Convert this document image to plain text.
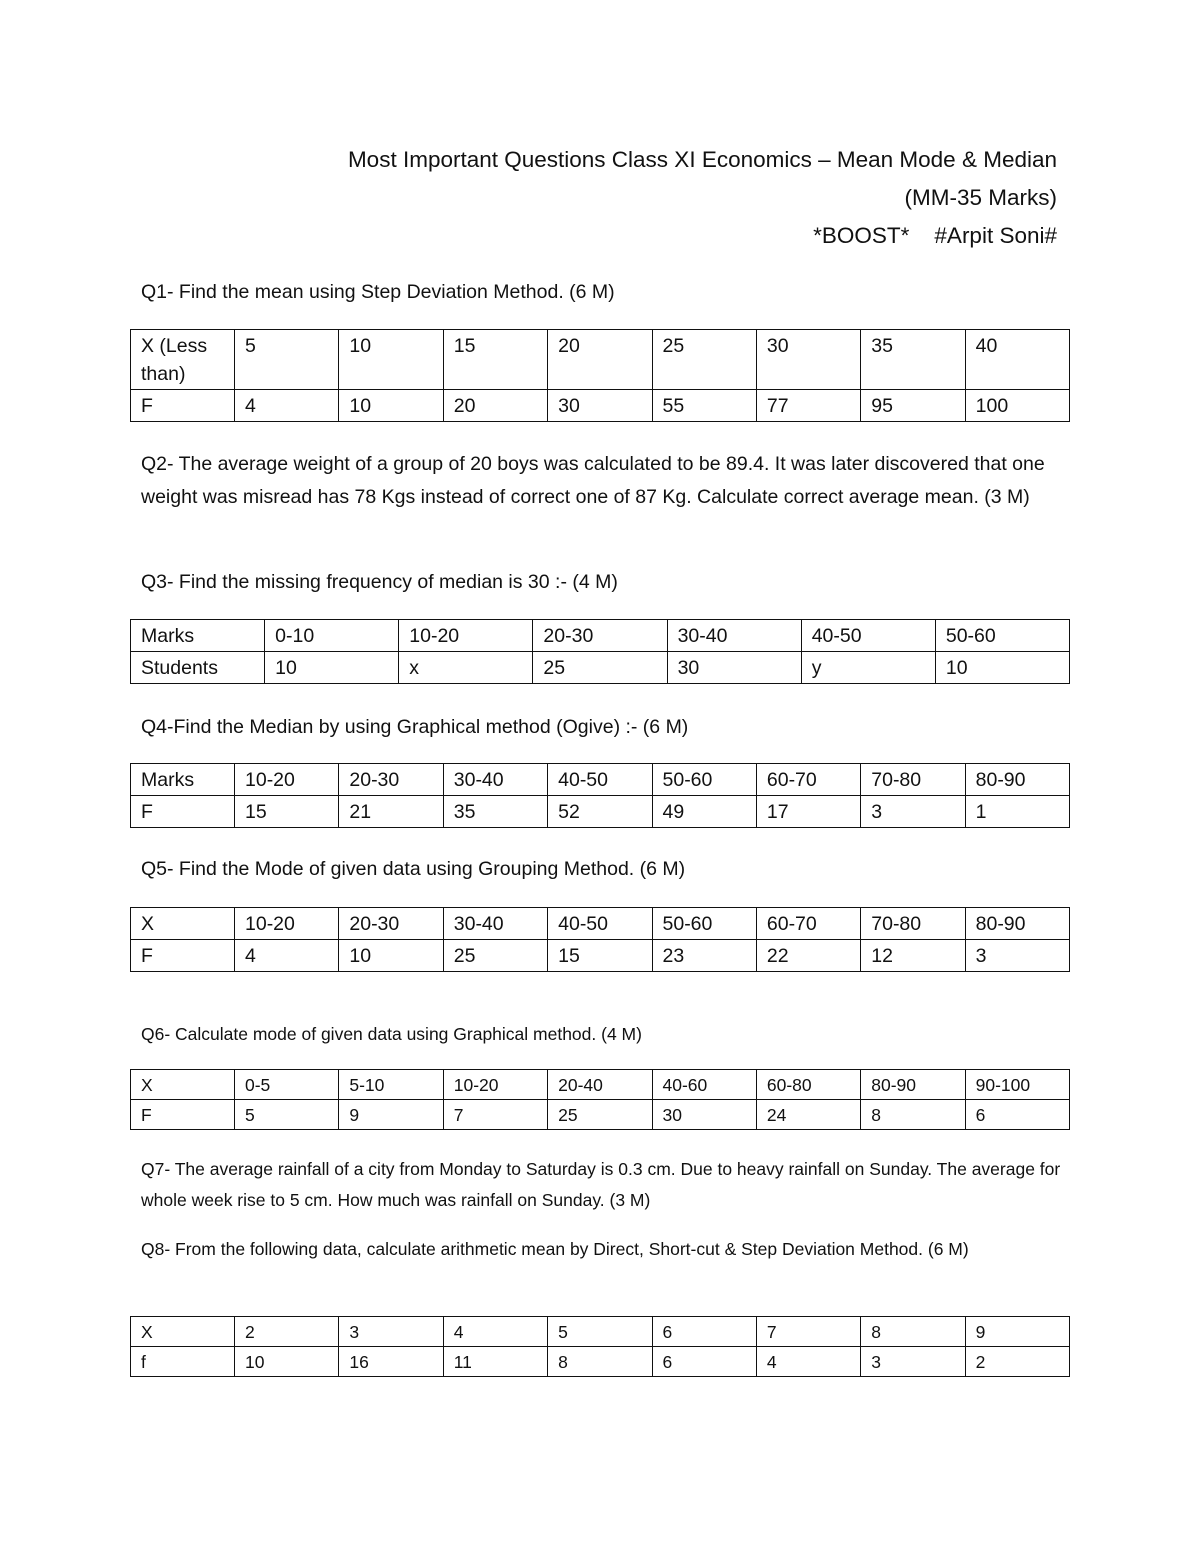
Most Important Questions Class XI Economics – Mean Mode & Median
(MM-35 Marks)
*BOOST*    #Arpit Soni#
Q1- Find the mean using Step Deviation Method. (6 M)
X (Less than)	5	10	15	20	25	30	35	40
F	4	10	20	30	55	77	95	100
Q2- The average weight of a group of 20 boys was calculated to be 89.4. It was later discovered that one weight was misread has 78 Kgs instead of correct one of 87 Kg. Calculate correct average mean. (3 M)
Q3- Find the missing frequency of median is 30 :- (4 M)
Marks	0-10	10-20	20-30	30-40	40-50	50-60
Students	10	x	25	30	y	10
Q4-Find the Median by using Graphical method (Ogive) :- (6 M)
Marks	10-20	20-30	30-40	40-50	50-60	60-70	70-80	80-90
F	15	21	35	52	49	17	3	1
Q5- Find the Mode of given data using Grouping Method. (6 M)
X	10-20	20-30	30-40	40-50	50-60	60-70	70-80	80-90
F	4	10	25	15	23	22	12	3
Q6- Calculate mode of given data using Graphical method. (4 M)
X	0-5	5-10	10-20	20-40	40-60	60-80	80-90	90-100
F	5	9	7	25	30	24	8	6
Q7- The average rainfall of a city from Monday to Saturday is 0.3 cm. Due to heavy rainfall on Sunday. The average for whole week rise to 5 cm. How much was rainfall on Sunday. (3 M)
Q8- From the following data, calculate arithmetic mean by Direct, Short-cut & Step Deviation Method. (6 M)
X	2	3	4	5	6	7	8	9
f	10	16	11	8	6	4	3	2
